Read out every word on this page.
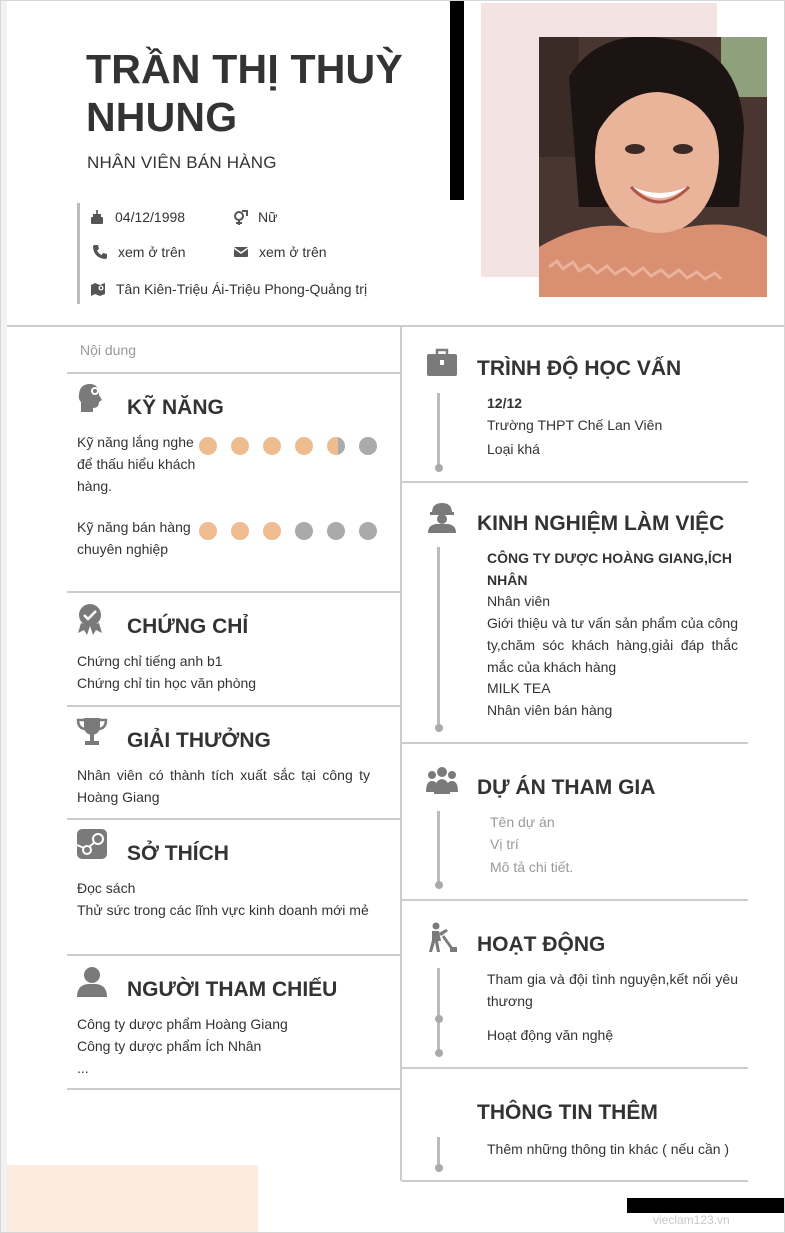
TRẦN THỊ THUỲ NHUNG
NHÂN VIÊN BÁN HÀNG
04/12/1998	Nữ
xem ở trên	xem ở trên
Tân Kiên-Triệu Ái-Triệu Phong-Quảng trị
Nội dung
KỸ NĂNG
Kỹ năng lắng nghe để thấu hiểu khách hàng.
Kỹ năng bán hàng chuyên nghiệp
CHỨNG CHỈ
Chứng chỉ tiếng anh b1
Chứng chỉ tin học văn phòng
GIẢI THƯỞNG
Nhân viên có thành tích xuất sắc tại công ty Hoàng Giang
SỞ THÍCH
Đọc sách
Thử sức trong các lĩnh vực kinh doanh mới mẻ
NGƯỜI THAM CHIẾU
Công ty dược phẩm Hoàng Giang
Công ty dược phẩm Ích Nhân
...
TRÌNH ĐỘ HỌC VẤN
12/12
Trường THPT Chế Lan Viên
Loại khá
KINH NGHIỆM LÀM VIỆC
CÔNG TY DƯỢC HOÀNG GIANG,ÍCH NHÂN
Nhân viên
Giới thiệu và tư vấn sản phẩm của công ty,chăm sóc khách hàng,giải đáp thắc mắc của khách hàng
MILK TEA
Nhân viên bán hàng
DỰ ÁN THAM GIA
Tên dự án
Vị trí
Mô tả chi tiết.
HOẠT ĐỘNG
Tham gia và đội tình nguyện,kết nối yêu thương
Hoạt động văn nghệ
THÔNG TIN THÊM
Thêm những thông tin khác ( nếu cần )
vieclam123.vn
